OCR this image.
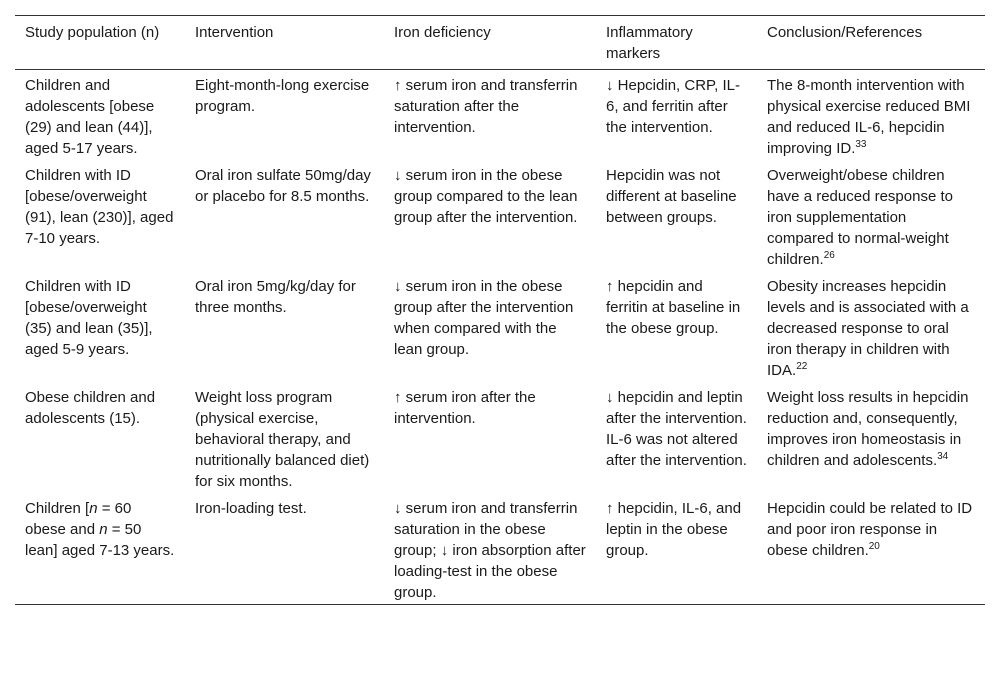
Study population (n)	Intervention	Iron deficiency	Inflammatory markers	Conclusion/References
Children and adolescents [obese (29) and lean (44)], aged 5-17 years.	Eight-month-long exercise program.	↑ serum iron and transferrin saturation after the intervention.	↓ Hepcidin, CRP, IL-6, and ferritin after the intervention.	The 8-month intervention with physical exercise reduced BMI and reduced IL-6, hepcidin improving ID.$^{33}$
Children with ID [obese/overweight (91), lean (230)], aged 7-10 years.	Oral iron sulfate 50mg/day or placebo for 8.5 months.	↓ serum iron in the obese group compared to the lean group after the intervention.	Hepcidin was not different at baseline between groups.	Overweight/obese children have a reduced response to iron supplementation compared to normal-weight children.$^{26}$
Children with ID [obese/overweight (35) and lean (35)], aged 5-9 years.	Oral iron 5mg/kg/day for three months.	↓ serum iron in the obese group after the intervention when compared with the lean group.	↑ hepcidin and ferritin at baseline in the obese group.	Obesity increases hepcidin levels and is associated with a decreased response to oral iron therapy in children with IDA.$^{22}$
Obese children and adolescents (15).	Weight loss program (physical exercise, behavioral therapy, and nutritionally balanced diet) for six months.	↑ serum iron after the intervention.	↓ hepcidin and leptin after the intervention. IL-6 was not altered after the intervention.	Weight loss results in hepcidin reduction and, consequently, improves iron homeostasis in children and adolescents.$^{34}$
Children [n = 60 obese and n = 50 lean] aged 7-13 years.	Iron-loading test.	↓ serum iron and transferrin saturation in the obese group; ↓ iron absorption after loading-test in the obese group.	↑ hepcidin, IL-6, and leptin in the obese group.	Hepcidin could be related to ID and poor iron response in obese children.$^{20}$
